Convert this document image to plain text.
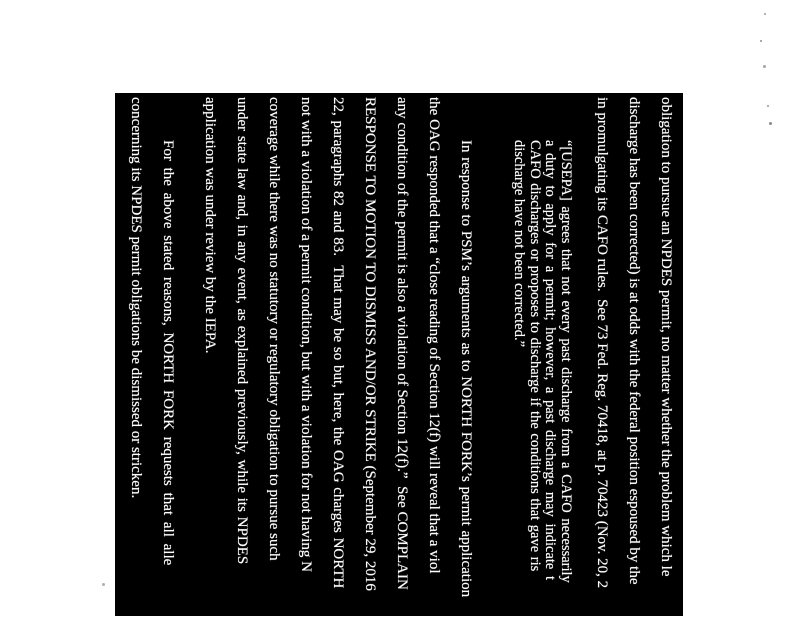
obligation to pursue an NPDES permit, no matter whether the problem which le
discharge has been corrected) is at odds with the federal position espoused by the
in promulgating its CAFO rules.  See 73 Fed. Reg. 70418, at p. 70423 (Nov. 20, 2
“[USEPA] agrees that not every past discharge from a CAFO necessarily
a duty to apply for a permit; however, a past discharge may indicate t
CAFO discharges or proposes to discharge if the conditions that gave ris
discharge have not been corrected.”
In response to PSM’s arguments as to NORTH FORK’s permit application
the OAG responded that a “close reading of Section 12(f) will reveal that a viol
any condition of the permit is also a violation of Section 12(f).”  See COMPLAIN
RESPONSE TO MOTION TO DISMISS AND/OR STRIKE (September 29, 2016
22, paragraphs 82 and 83.  That may be so but, here, the OAG charges NORTH
not with a violation of a permit condition, but with a violation for not having N
coverage while there was no statutory or regulatory obligation to pursue such
under state law and, in any event, as explained previously, while its NPDES
application was under review by the IEPA.
For the above stated reasons, NORTH FORK requests that all alle
concerning its NPDES permit obligations be dismissed or stricken.
